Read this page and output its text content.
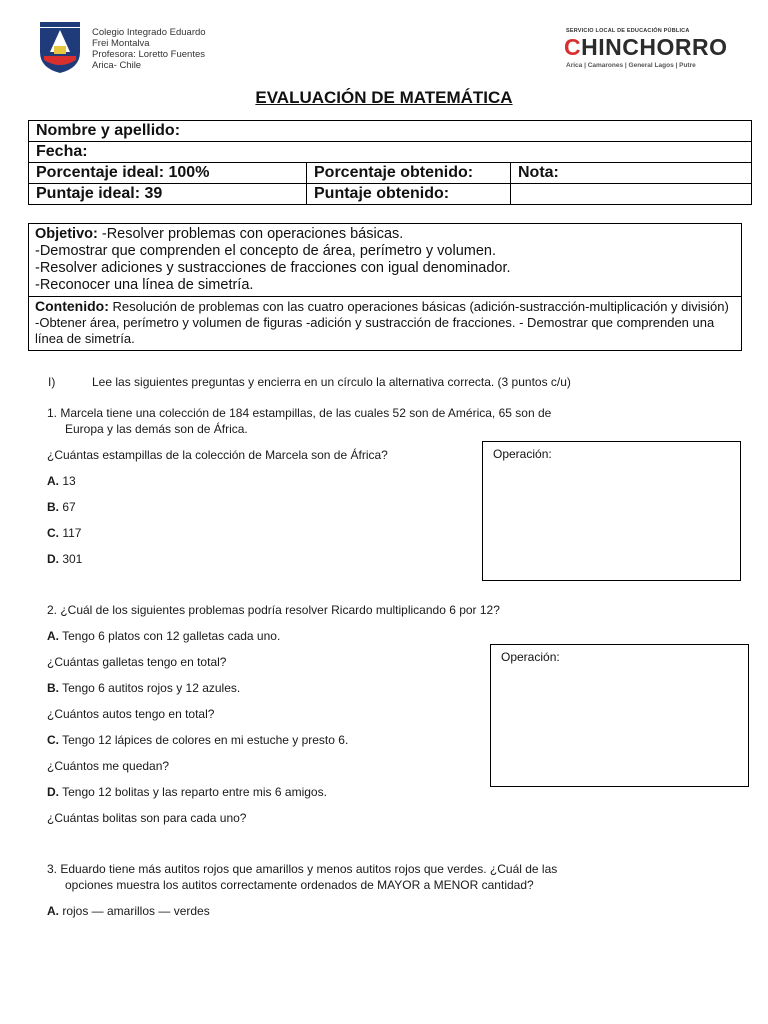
Colegio Integrado Eduardo
Frei Montalva
Profesora: Loretto Fuentes
Arica- Chile
SERVICIO LOCAL DE EDUCACIÓN PÚBLICA
CHINCHORRO
Arica | Camarones | General Lagos | Putre
EVALUACIÓN DE MATEMÁTICA
Nombre y apellido:		
Fecha:		
Porcentaje ideal: 100%	Porcentaje obtenido:	Nota:
Puntaje ideal: 39	Puntaje obtenido:	
Objetivo: -Resolver problemas con operaciones básicas.
-Demostrar que comprenden el concepto de área, perímetro y volumen.
-Resolver adiciones y sustracciones de fracciones con igual denominador.
-Reconocer una línea de simetría.
Contenido: Resolución de problemas con las cuatro operaciones básicas (adición-sustracción-multiplicación y división) -Obtener área, perímetro y volumen de figuras -adición y sustracción de fracciones. - Demostrar que comprenden una línea de simetría.
I)	Lee las siguientes preguntas y encierra en un círculo la alternativa correcta. (3 puntos c/u)
1. Marcela tiene una colección de 184 estampillas, de las cuales 52 son de América, 65 son de
Europa y las demás son de África.
¿Cuántas estampillas de la colección de Marcela son de África?
A. 13
B. 67
C. 117
D. 301
Operación:
2. ¿Cuál de los siguientes problemas podría resolver Ricardo multiplicando 6 por 12?
A. Tengo 6 platos con 12 galletas cada uno.
¿Cuántas galletas tengo en total?
B. Tengo 6 autitos rojos y 12 azules.
¿Cuántos autos tengo en total?
C. Tengo 12 lápices de colores en mi estuche y presto 6.
¿Cuántos me quedan?
D. Tengo 12 bolitas y las reparto entre mis 6 amigos.
¿Cuántas bolitas son para cada uno?
Operación:
3. Eduardo tiene más autitos rojos que amarillos y menos autitos rojos que verdes. ¿Cuál de las
opciones muestra los autitos correctamente ordenados de MAYOR a MENOR cantidad?
A. rojos — amarillos — verdes
